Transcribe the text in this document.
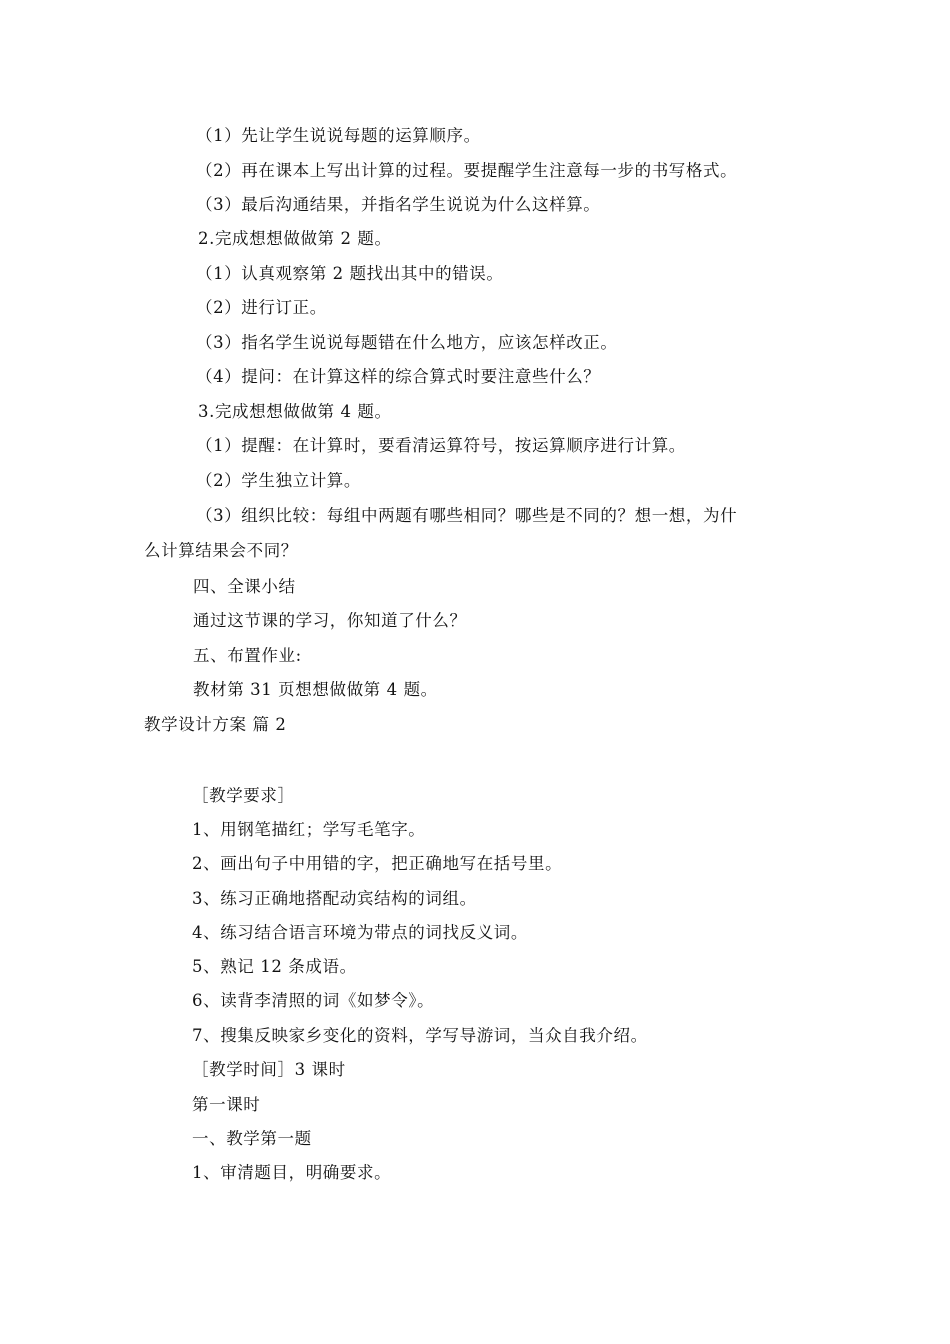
（1）先让学生说说每题的运算顺序。
（2）再在课本上写出计算的过程。要提醒学生注意每一步的书写格式。
（3）最后沟通结果，并指名学生说说为什么这样算。
2.完成想想做做第 2 题。
（1）认真观察第 2 题找出其中的错误。
（2）进行订正。
（3）指名学生说说每题错在什么地方，应该怎样改正。
（4）提问：在计算这样的综合算式时要注意些什么？
3.完成想想做做第 4 题。
（1）提醒：在计算时，要看清运算符号，按运算顺序进行计算。
（2）学生独立计算。
（3）组织比较：每组中两题有哪些相同？哪些是不同的？想一想，为什
么计算结果会不同？
四、全课小结
通过这节课的学习，你知道了什么？
五、布置作业:
教材第 31 页想想做做第 4 题。
教学设计方案 篇 2
［教学要求］
1、用钢笔描红；学写毛笔字。
2、画出句子中用错的字，把正确地写在括号里。
3、练习正确地搭配动宾结构的词组。
4、练习结合语言环境为带点的词找反义词。
5、熟记 12 条成语。
6、读背李清照的词《如梦令》。
7、搜集反映家乡变化的资料，学写导游词，当众自我介绍。
［教学时间］3 课时
第一课时
一、教学第一题
1、审清题目，明确要求。
